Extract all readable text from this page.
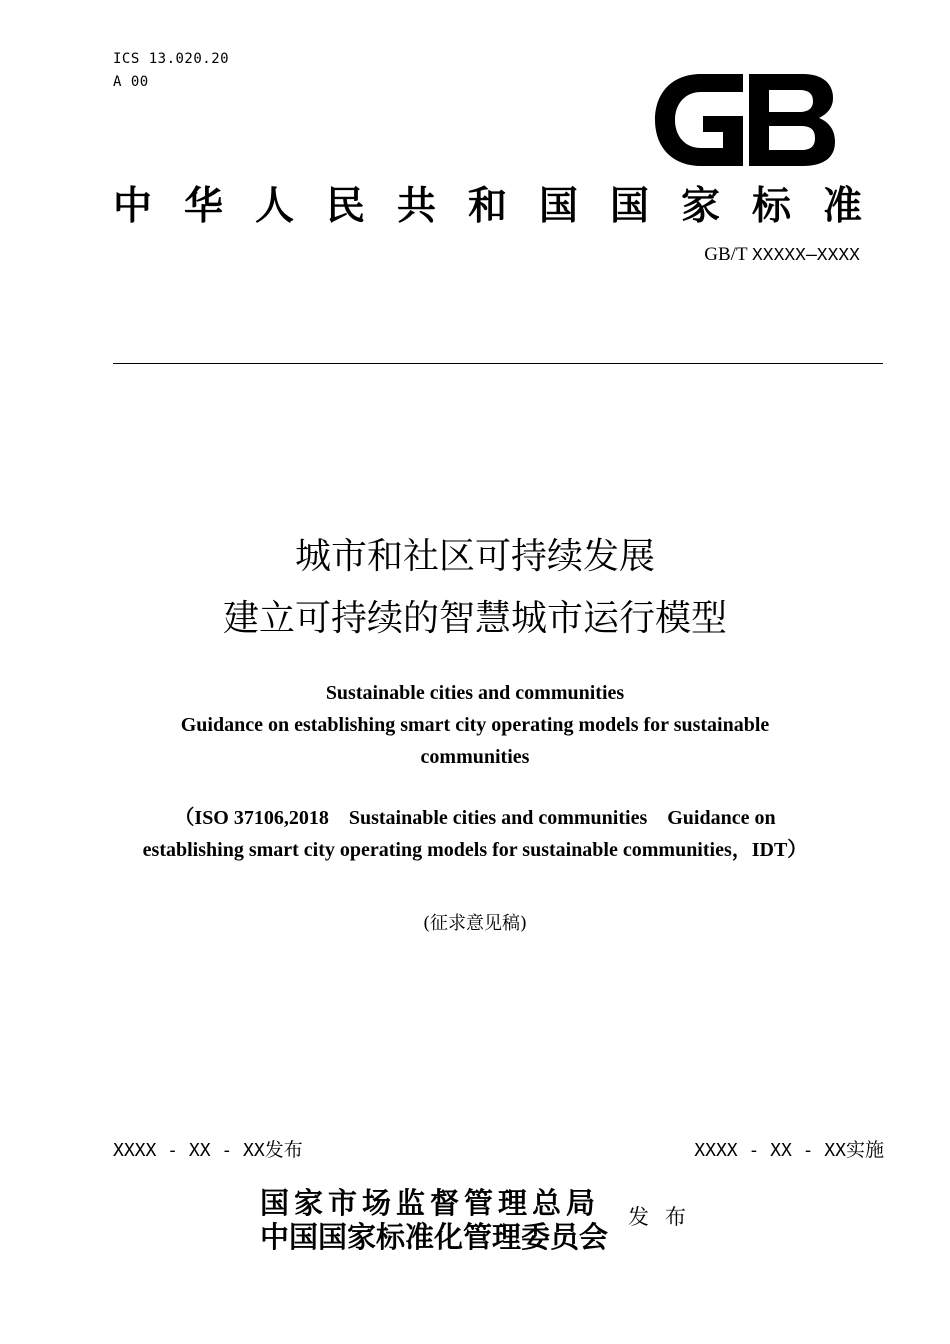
ICS 13.020.20
A 00
中华人民共和国国家标准
GB/T XXXXX—XXXX
城市和社区可持续发展
建立可持续的智慧城市运行模型
Sustainable cities and communities
Guidance on establishing smart city operating models for sustainable
communities
（ISO 37106,2018    Sustainable cities and communities    Guidance on
establishing smart city operating models for sustainable communities，IDT）
(征求意见稿)
XXXX - XX - XX发布	XXXX - XX - XX实施
国家市场监督管理总局
中国国家标准化管理委员会
发布
